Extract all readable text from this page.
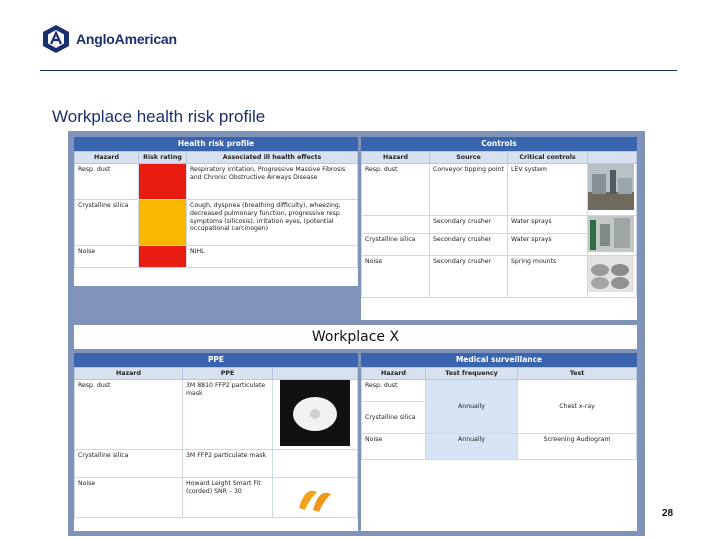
AngloAmerican
Workplace health risk profile
Health risk profile
Hazard	Risk rating	Associated ill health effects
Resp. dust		Respiratory irritation, Progressive Massive Fibrosis and Chronic Obstructive Airways Disease
Crystalline silica		Cough, dyspnea (breathing difficulty), wheezing, decreased pulmonary function, progressive resp symptoms (silicosis), irritation eyes, (potential occupational carcinogen)
Noise		NIHL
Controls
Hazard	Source	Critical controls	
Resp. dust	Conveyor tipping point	LEV system	
	Secondary crusher	Water sprays	
Crystalline silica	Secondary crusher	Water sprays	
Noise	Secondary crusher	Spring mounts	
Workplace X
PPE
Hazard	PPE	
Resp. dust	3M 8810 FFP2 particulate mask	
Crystalline silica	3M FFP2 particulate mask	
Noise	Howard Leight Smart Fit (corded) SNR – 30	
Medical surveillance
Hazard	Test frequency	Test
Resp. dust	Annually	Chest x-ray
Crystalline silica		
Noise	Annually	Screening Audiogram
28
